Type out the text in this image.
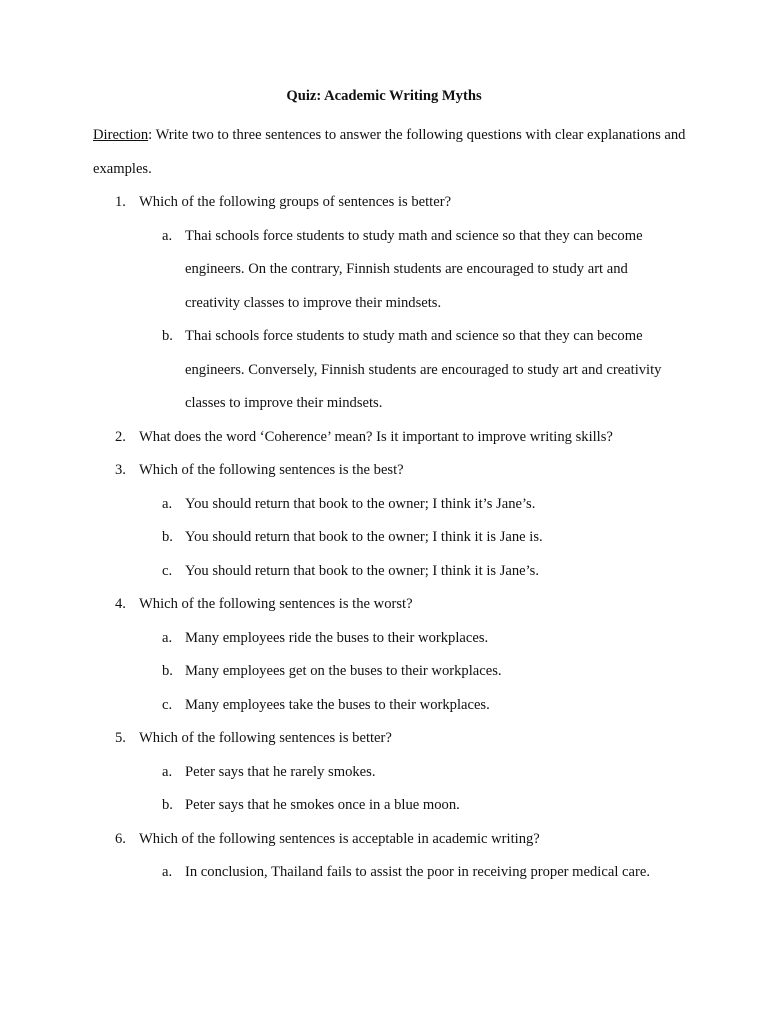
Quiz: Academic Writing Myths
Direction: Write two to three sentences to answer the following questions with clear explanations and examples.
1. Which of the following groups of sentences is better?
a. Thai schools force students to study math and science so that they can become engineers. On the contrary, Finnish students are encouraged to study art and creativity classes to improve their mindsets.
b. Thai schools force students to study math and science so that they can become engineers. Conversely, Finnish students are encouraged to study art and creativity classes to improve their mindsets.
2. What does the word ‘Coherence’ mean? Is it important to improve writing skills?
3. Which of the following sentences is the best?
a. You should return that book to the owner; I think it’s Jane’s.
b. You should return that book to the owner; I think it is Jane is.
c. You should return that book to the owner; I think it is Jane’s.
4. Which of the following sentences is the worst?
a. Many employees ride the buses to their workplaces.
b. Many employees get on the buses to their workplaces.
c. Many employees take the buses to their workplaces.
5. Which of the following sentences is better?
a. Peter says that he rarely smokes.
b. Peter says that he smokes once in a blue moon.
6. Which of the following sentences is acceptable in academic writing?
a. In conclusion, Thailand fails to assist the poor in receiving proper medical care.
